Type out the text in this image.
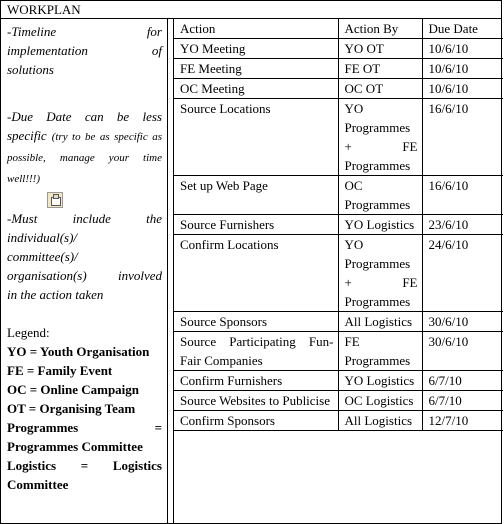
WORKPLAN

-Timeline for

implementation of

solutions

-Due Date can be less

specific (try to be as specific as possible, manage your time well!!!)

-Must include the

individual(s)/

committee(s)/

organisation(s) involved

in the action taken

Legend:

YO = Youth Organisation

FE = Family Event

OC = Online Campaign

OT = Organising Team

Programmes = Programmes Committee

Logistics = Logistics Committee

Action	Action By	Due Date
YO Meeting	YO OT	10/6/10
FE Meeting	FE OT	10/6/10
OC Meeting	OC OT	10/6/10
Source Locations	YO Programmes + FE Programmes	16/6/10
Set up Web Page	OC Programmes	16/6/10
Source Furnishers	YO Logistics	23/6/10
Confirm Locations	YO Programmes + FE Programmes	24/6/10
Source Sponsors	All Logistics	30/6/10
Source Participating Fun-Fair Companies	FE Programmes	30/6/10
Confirm Furnishers	YO Logistics	6/7/10
Source Websites to Publicise	OC Logistics	6/7/10
Confirm Sponsors	All Logistics	12/7/10
